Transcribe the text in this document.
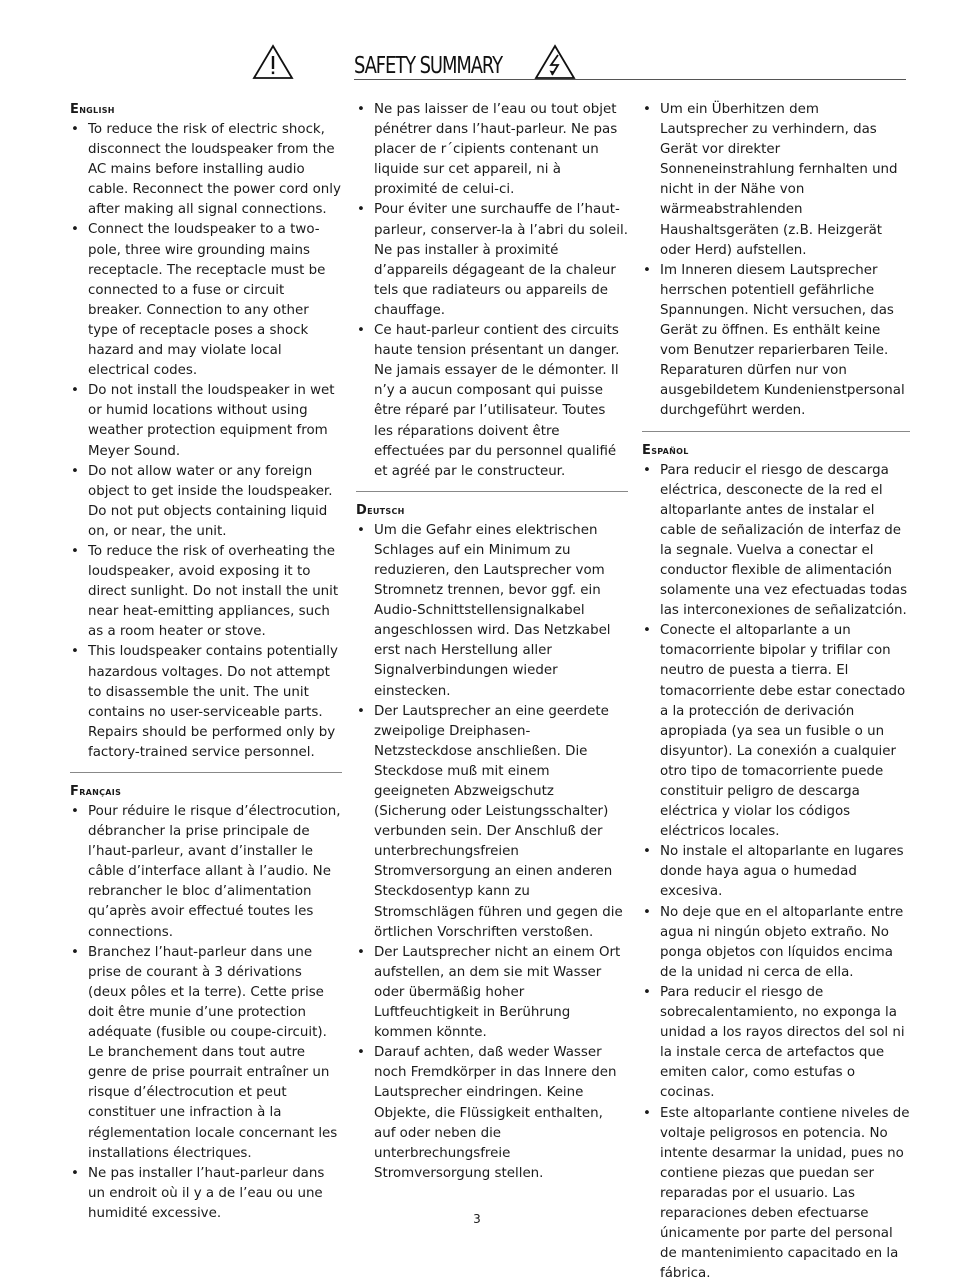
SAFETY SUMMARY
English
• To reduce the risk of electric shock, disconnect the loudspeaker from the AC mains before installing audio cable. Reconnect the power cord only after making all signal connections.
• Connect the loudspeaker to a two-pole, three wire grounding mains receptacle. The receptacle must be connected to a fuse or circuit breaker. Connection to any other type of receptacle poses a shock hazard and may violate local electrical codes.
• Do not install the loudspeaker in wet or humid locations without using weather protection equipment from Meyer Sound.
• Do not allow water or any foreign object to get inside the loudspeaker. Do not put objects containing liquid on, or near, the unit.
• To reduce the risk of overheating the loudspeaker, avoid exposing it to direct sunlight. Do not install the unit near heat-emitting appliances, such as a room heater or stove.
• This loudspeaker contains potentially hazardous voltages. Do not attempt to disassemble the unit. The unit contains no user-serviceable parts. Repairs should be performed only by factory-trained service personnel.
Français
• Pour réduire le risque d’électrocution, débrancher la prise principale de l’haut-parleur, avant d’installer le câble d’interface allant à l’audio. Ne rebrancher le bloc d’alimentation qu’après avoir effectué toutes les connections.
• Branchez l’haut-parleur dans une prise de courant à 3 dérivations (deux pôles et la terre). Cette prise doit être munie d’une protection adéquate (fusible ou coupe-circuit). Le branchement dans tout autre genre de prise pourrait entraîner un risque d’électrocution et peut constituer une infraction à la réglementation locale concernant les installations électriques.
• Ne pas installer l’haut-parleur dans un endroit où il y a de l’eau ou une humidité excessive.
• Ne pas laisser de l’eau ou tout objet pénétrer dans l’haut-parleur. Ne pas placer de r´cipients contenant un liquide sur cet appareil, ni à proximité de celui-ci.
• Pour éviter une surchauffe de l’haut-parleur, conserver-la à l’abri du soleil. Ne pas installer à proximité d’appareils dégageant de la chaleur tels que radiateurs ou appareils de chauffage.
• Ce haut-parleur contient des circuits haute tension présentant un danger. Ne jamais essayer de le démonter. Il n’y a aucun composant qui puisse être réparé par l’utilisateur. Toutes les réparations doivent être effectuées par du personnel qualifié et agréé par le constructeur.
Deutsch
• Um die Gefahr eines elektrischen Schlages auf ein Minimum zu reduzieren, den Lautsprecher vom Stromnetz trennen, bevor ggf. ein Audio-Schnittstellensignalkabel angeschlossen wird. Das Netzkabel erst nach Herstellung aller Signalverbindungen wieder einstecken.
• Der Lautsprecher an eine geerdete zweipolige Dreiphasen-Netzsteckdose anschließen. Die Steckdose muß mit einem geeigneten Abzweigschutz (Sicherung oder Leistungsschalter) verbunden sein. Der Anschluß der unterbrechungsfreien Stromversorgung an einen anderen Steckdosentyp kann zu Stromschlägen führen und gegen die örtlichen Vorschriften verstoßen.
• Der Lautsprecher nicht an einem Ort aufstellen, an dem sie mit Wasser oder übermäßig hoher Luftfeuchtigkeit in Berührung kommen könnte.
• Darauf achten, daß weder Wasser noch Fremdkörper in das Innere den Lautsprecher eindringen. Keine Objekte, die Flüssigkeit enthalten, auf oder neben die unterbrechungsfreie Stromversorgung stellen.
• Um ein Überhitzen dem Lautsprecher zu verhindern, das Gerät vor direkter Sonneneinstrahlung fernhalten und nicht in der Nähe von wärmeabstrahlenden Haushaltsgeräten (z.B. Heizgerät oder Herd) aufstellen.
• Im Inneren diesem Lautsprecher herrschen potentiell gefährliche Spannungen. Nicht versuchen, das Gerät zu öffnen. Es enthält keine vom Benutzer reparierbaren Teile. Reparaturen dürfen nur von ausgebildetem Kundenienstpersonal durchgeführt werden.
Español
• Para reducir el riesgo de descarga eléctrica, desconecte de la red el altoparlante antes de instalar el cable de señalización de interfaz de la segnale. Vuelva a conectar el conductor flexible de alimentación solamente una vez efectuadas todas las interconexiones de señalizatción.
• Conecte el altoparlante a un tomacorriente bipolar y trifilar con neutro de puesta a tierra. El tomacorriente debe estar conectado a la protección de derivación apropiada (ya sea un fusible o un disyuntor). La conexión a cualquier otro tipo de tomacorriente puede constituir peligro de descarga eléctrica y violar los códigos eléctricos locales.
• No instale el altoparlante en lugares donde haya agua o humedad excesiva.
• No deje que en el altoparlante entre agua ni ningún objeto extraño. No ponga objetos con líquidos encima de la unidad ni cerca de ella.
• Para reducir el riesgo de sobrecalentamiento, no exponga la unidad a los rayos directos del sol ni la instale cerca de artefactos que emiten calor, como estufas o cocinas.
• Este altoparlante contiene niveles de voltaje peligrosos en potencia. No intente desarmar la unidad, pues no contiene piezas que puedan ser reparadas por el usuario. Las reparaciones deben efectuarse únicamente por parte del personal de mantenimiento capacitado en la fábrica.
3
